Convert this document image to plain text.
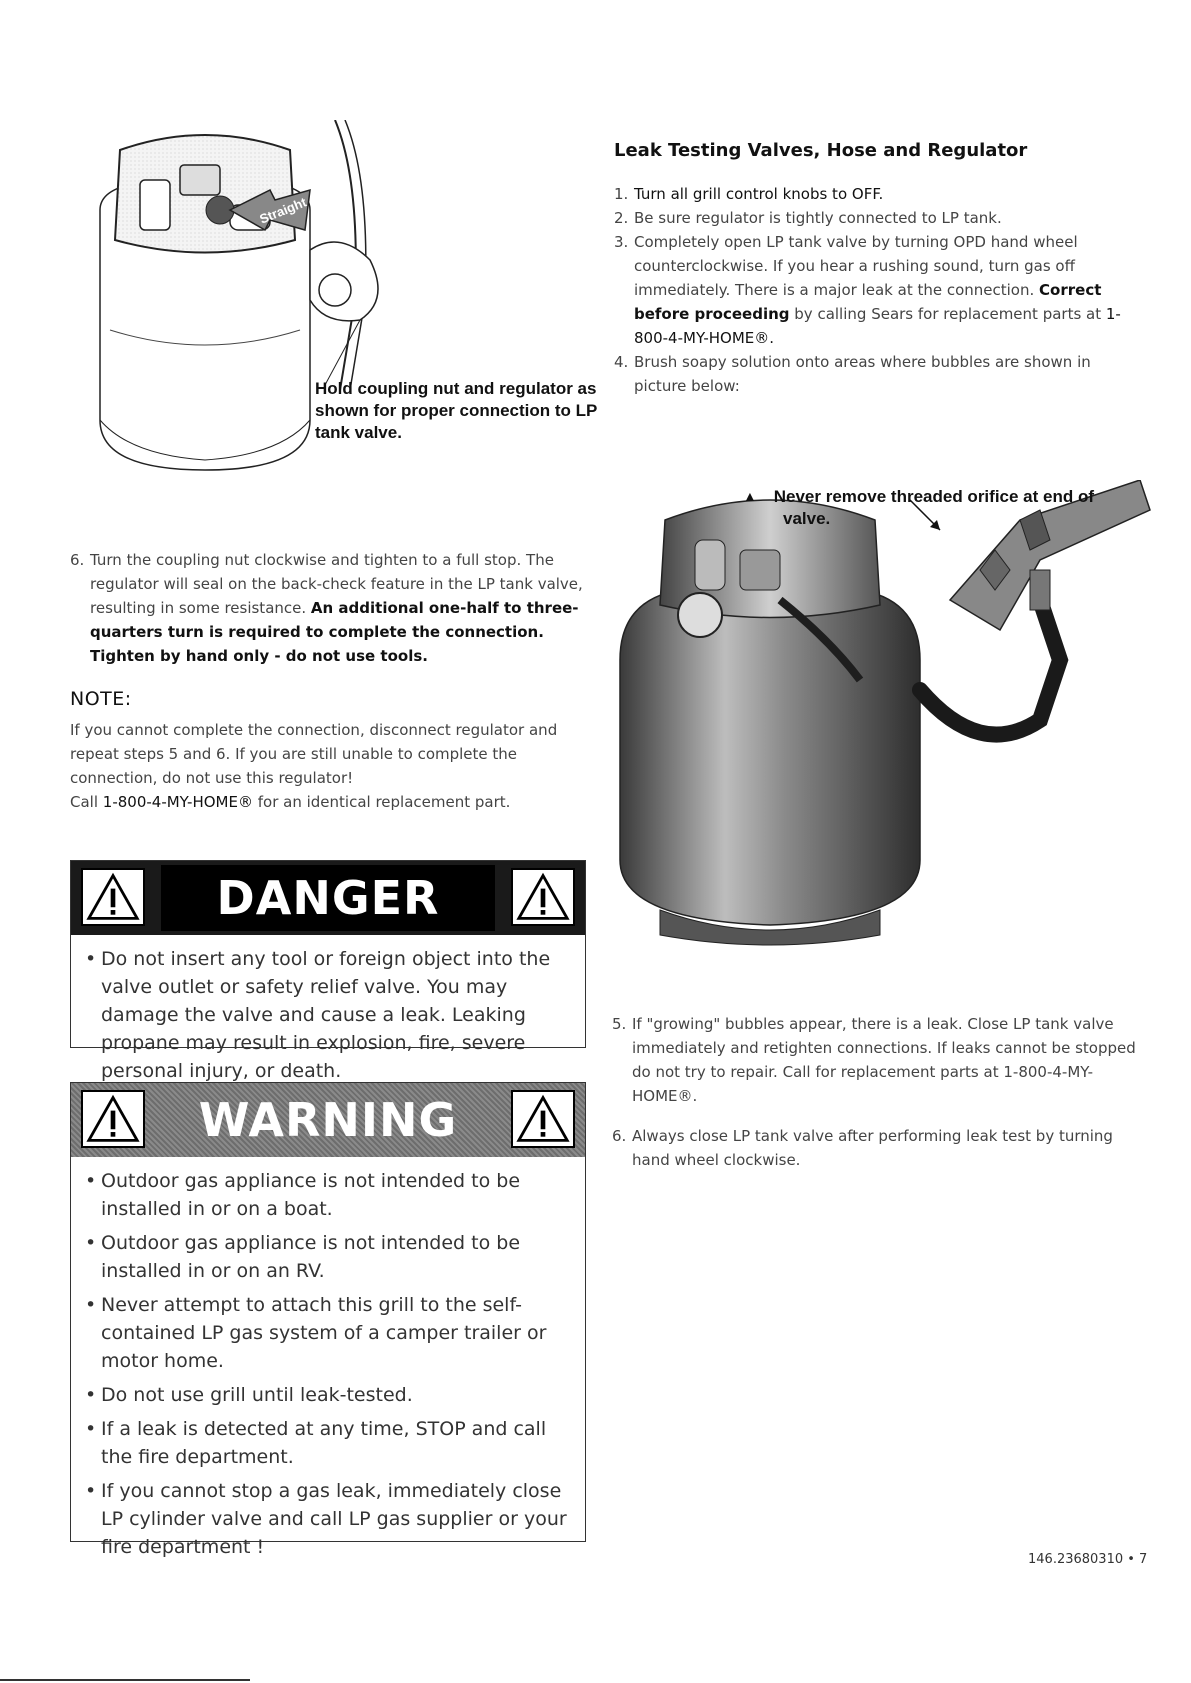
Straight
Hold coupling nut and regulator as shown for proper connection to LP tank valve.
Leak Testing Valves, Hose and Regulator
1. Turn all grill control knobs to OFF.
2. Be sure regulator is tightly connected to LP tank.
3. Completely open LP tank valve by turning OPD hand wheel counterclockwise. If you hear a rushing sound, turn gas off immediately. There is a major leak at the connection. Correct before proceeding by calling Sears for replacement parts at 1-800-4-MY-HOME®.
4. Brush soapy solution onto areas where bubbles are shown in picture below:
6. Turn the coupling nut clockwise and tighten to a full stop. The regulator will seal on the back-check feature in the LP tank valve, resulting in some resistance. An additional one-half to three-quarters turn is required to complete the connection. Tighten by hand only - do not use tools.
NOTE:
If you cannot complete the connection, disconnect regulator and repeat steps 5 and 6. If you are still unable to complete the connection, do not use this regulator!
Call 1-800-4-MY-HOME® for an identical replacement part.
DANGER
• Do not insert any tool or foreign object into the valve outlet or safety relief valve. You may damage the valve and cause a leak. Leaking propane may result in explosion, fire, severe personal injury, or death.
WARNING
• Outdoor gas appliance is not intended to be installed in or on a boat.
• Outdoor gas appliance is not intended to be installed in or on an RV.
• Never attempt to attach this grill to the self-contained LP gas system of a camper trailer or motor home.
• Do not use grill until leak-tested.
• If a leak is detected at any time, STOP and call the fire department.
• If you cannot stop a gas leak, immediately close LP cylinder valve and call LP gas supplier or your fire department !
▲ Never remove threaded orifice at end of valve.
5. If "growing" bubbles appear, there is a leak. Close LP tank valve immediately and retighten connections. If leaks cannot be stopped do not try to repair. Call for replacement parts at 1-800-4-MY-HOME®.
6. Always close LP tank valve after performing leak test by turning hand wheel clockwise.
146.23680310 • 7
